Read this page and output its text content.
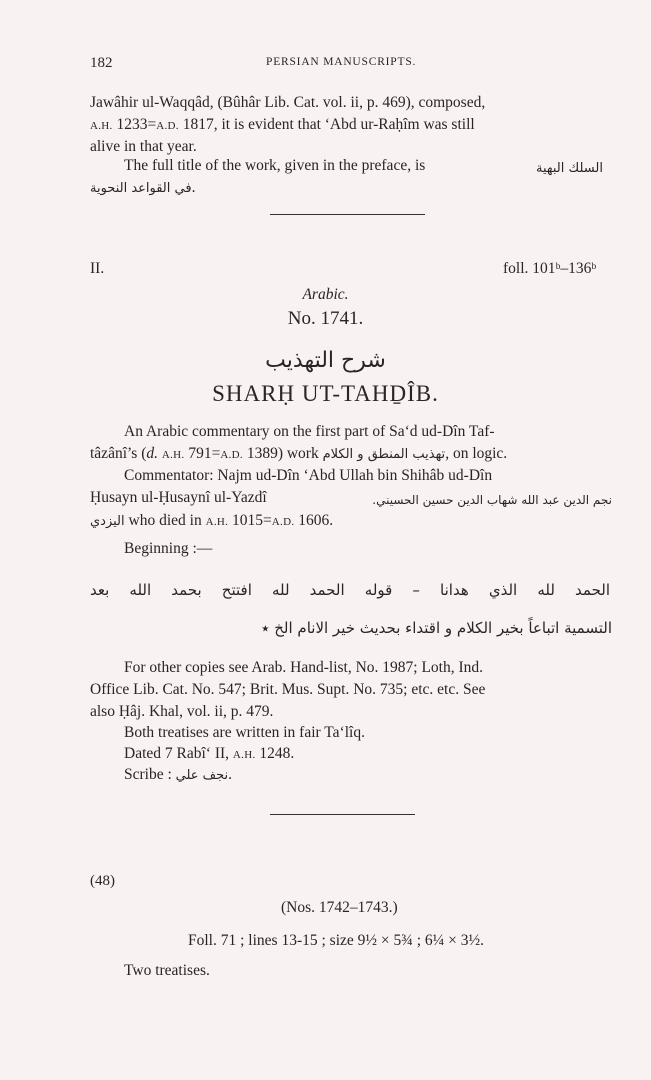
182	PERSIAN MANUSCRIPTS.
Jawâhir ul-Waqqâd, (Bûhâr Lib. Cat. vol. ii, p. 469), composed,
A.H. 1233=A.D. 1817, it is evident that ‘Abd ur-Raḥîm was still
alive in that year.
The full title of the work, given in the preface, is	السلك البهية
في القواعد النحوية.
II.	foll. 101ᵇ–136ᵇ
Arabic.
No. 1741.
شرح التهذيب
SHARḤ UT-TAHḎÎB.
An Arabic commentary on the first part of Sa‘d ud-Dîn Taf-
tâzânî’s (d. A.H. 791=A.D. 1389) work تهذيب المنطق و الكلام, on logic.
Commentator: Najm ud-Dîn ‘Abd Ullah bin Shihâb ud-Dîn
Ḥusayn ul-Ḥusaynî ul-Yazdî	نجم الدين عبد الله شهاب الدين حسين الحسيني.
اليزدي who died in A.H. 1015=A.D. 1606.
Beginning :—
الحمد لله الذي هدانا – قوله الحمد لله افتتح بحمد الله بعد
التسمية اتباعاً بخير الكلام و اقتداء بحديث خير الانام الخ ٭
For other copies see Arab. Hand-list, No. 1987; Loth, Ind.
Office Lib. Cat. No. 547; Brit. Mus. Supt. No. 735; etc. etc. See
also Ḥâj. Khal, vol. ii, p. 479.
Both treatises are written in fair Ta‘lîq.
Dated 7 Rabî‘ II, A.H. 1248.
Scribe : نجف علي.
(48)
(Nos. 1742–1743.)
Foll. 71 ; lines 13-15 ; size 9½ × 5¾ ; 6¼ × 3½.
Two treatises.
